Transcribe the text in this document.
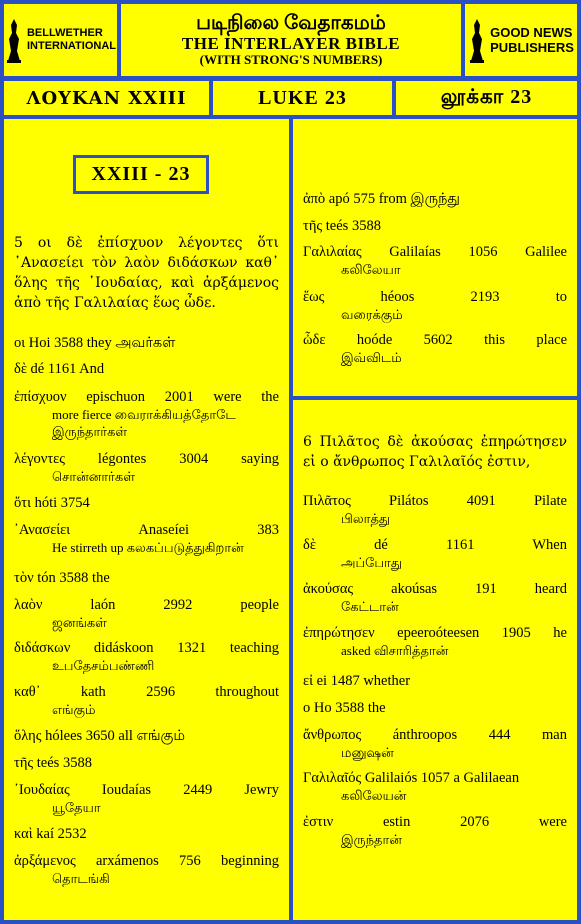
BELLWETHER
INTERNATIONAL
படிநிலை வேதாகமம்
THE INTERLAYER BIBLE
(WITH STRONG'S NUMBERS)
GOOD NEWS
PUBLISHERS
ΛΟΥΚΑΝ XXIII	LUKE 23	லூக்கா 23
XXIII - 23
5 οι δὲ ἐπίσχυον λέγοντες ὅτι ᾽Ανασείει τὸν λαὸν διδάσκων καθ᾽ ὅλης τῆς ᾽Ιουδαίας, καὶ ἀρξάμενος ἀπὸ τῆς Γαλιλαίας ἕως ὦδε.
οι Hoi 3588 they அவர்கள்
δὲ dé 1161 And
ἐπίσχυον epischuon 2001 were the
more fierce வைராக்கியத்தோடே
இருந்தார்கள்
λέγοντες légontes 3004 saying
சொன்னார்கள்
ὅτι hóti 3754
᾽Ανασείει Anaseíei 383
He stirreth up கலகப்படுத்துகிறான்
τὸν tón 3588 the
λαὸν laón 2992 people
ஜனங்கள்
διδάσκων didáskoon 1321 teaching
உபதேசம்பண்ணி
καθ᾽ kath 2596 throughout
எங்கும்
ὅλης hólees 3650 all எங்கும்
τῆς teés 3588
᾽Ιουδαίας Ioudaías 2449 Jewry
யூதேயா
καὶ kaí 2532
ἀρξάμενος arxámenos 756 beginning
தொடங்கி
ἀπὸ apó 575 from இருந்து
τῆς teés 3588
Γαλιλαίας Galilaías 1056 Galilee
கலிலேயா
ἕως héoos 2193 to
வரைக்கும்
ὦδε hoóde 5602 this place
இவ்விடம்
6 Πιλᾶτος δὲ ἀκούσας ἐπηρώτησεν εἰ ο ἄνθρωπος Γαλιλαῖός ἐστιν,
Πιλᾶτος Pilátos 4091 Pilate
பிலாத்து
δὲ dé 1161 When
அப்போது
ἀκούσας akoúsas 191 heard
கேட்டான்
ἐπηρώτησεν epeeroóteesen 1905 he
asked விசாரித்தான்
εἰ ei 1487 whether
ο Ho 3588 the
ἄνθρωπος ánthroopos 444 man
மனுஷன்
Γαλιλαῖός Galilaiós 1057 a Galilaean
கலிலேயன்
ἐστιν estin 2076 were
இருந்தான்
